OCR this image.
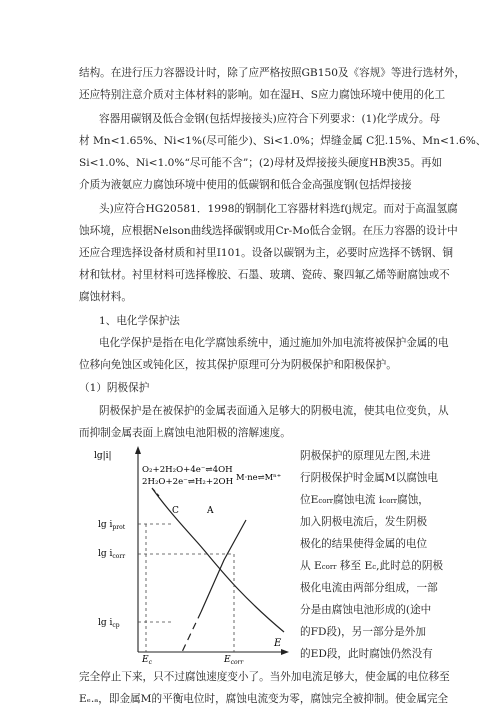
结构。在进行压力容器设计时，除了应严格按照GB150及《容规》等进行选材外，
还应特别注意介质对主体材料的影响。如在湿H、S应力腐蚀环境中使用的化工
容器用碳钢及低合金钢(包括焊接接头)应符合下列要求：(1)化学成分。母
材 Mn<1.65%、Ni<1%(尽可能少)、Si<1.0%；焊缝金属 C犯.15%、Mn<1.6%、
Si<1.0%、Ni<1.0%“尽可能不含”；(2)母材及焊接接头硬度HB㳛35。再如
介质为液氨应力腐蚀环境中使用的低碳钢和低合金高强度钢(包括焊接接
头)应符合HG20581．1998的钢制化工容器材料选f(j规定。而对于高温氢腐
蚀环境，应根据Nelson曲线选择碳钢或用Cr-Mo低合金钢。在压力容器的设计中
还应合理选择设备材质和衬里I101。设备以碳钢为主，必要时应选择不锈钢、铜
材和钛材。衬里材料可选择橡胶、石墨、玻璃、瓷砖、聚四氟乙烯等耐腐蚀或不
腐蚀材料。
1、电化学保护法
电化学保护是指在电化学腐蚀系统中，通过施加外加电流将被保护金属的电
位移向免蚀区或钝化区，按其保护原理可分为阴极保护和阳极保护。
（1）阴极保护
阴极保护是在被保护的金属表面通入足够大的阴极电流，使其电位变负，从
而抑制金属表面上腐蚀电池阳极的溶解速度。
阴极保护的原理见左图,未进
行阴极保护时金属M以腐蚀电
位Ecorr腐蚀电流 icorr腐蚀，
加入阴极电流后，发生阴极
极化的结果使得金属的电位
从 Ecorr 移至 Ec,此时总的阴极
极化电流由两部分组成，一部
分是由腐蚀电池形成的(途中
的FD段)，另一部分是外加
的ED段，此时腐蚀仍然没有
完全停止下来，只不过腐蚀速度变小了。当外加电流足够大，使金属的电位移至
Eₑ.ₐ，即金属M的平衡电位时，腐蚀电流变为零，腐蚀完全被抑制。使金属完全
lg|i|
E
O₂+2H₂O+4e⁻⇌4OH
2H₂O+2e⁻⇌H₂+2OH M·ne⇌Mⁿ⁺
C	A
$\lg i_{prot}$
$\lg i_{corr}$
$\lg i_{cp}$
$E_c$	$E_{corr}$
